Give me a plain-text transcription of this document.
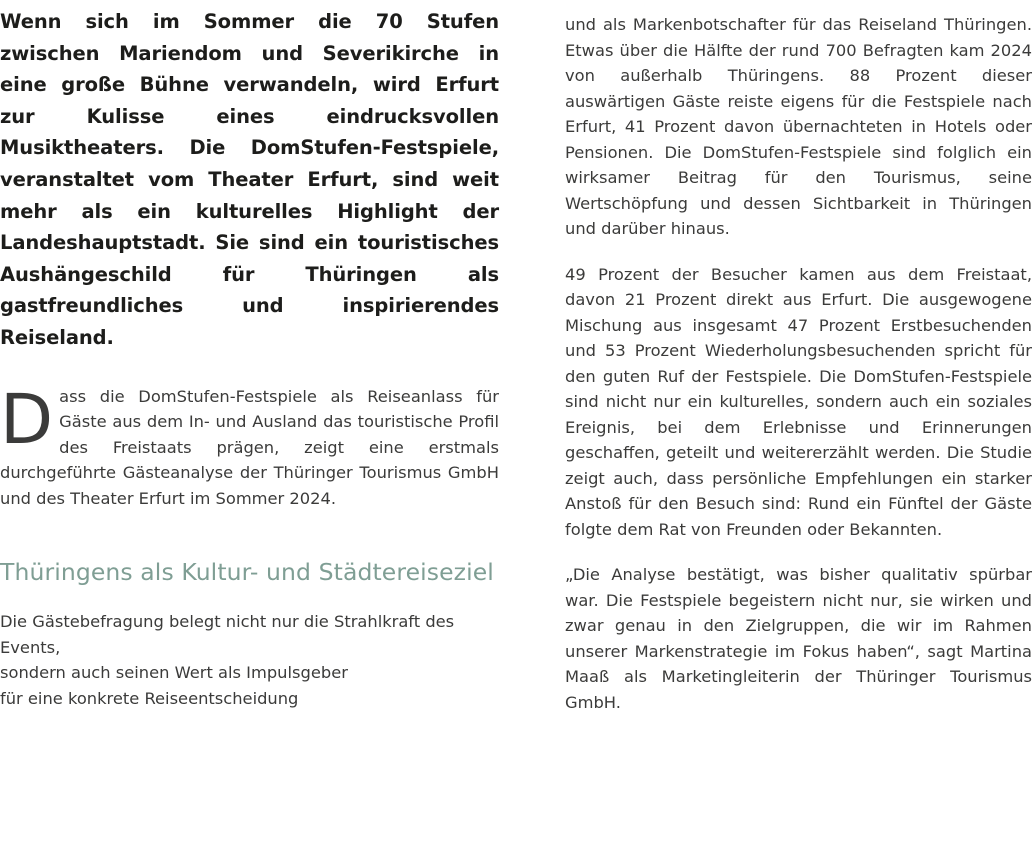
Wenn sich im Sommer die 70 Stufen zwischen Mariendom und Severikirche in eine große Bühne verwandeln, wird Erfurt zur Kulisse eines eindrucksvollen Musiktheaters. Die DomStufen-Festspiele, veranstaltet vom Theater Erfurt, sind weit mehr als ein kulturelles Highlight der Landeshauptstadt. Sie sind ein touristisches Aushängeschild für Thüringen als gastfreundliches und inspirierendes Reiseland.

Dass die DomStufen-Festspiele als Reiseanlass für Gäste aus dem In- und Ausland das touristische Profil des Freistaats prägen, zeigt eine erstmals durchgeführte Gästeanalyse der Thüringer Tourismus GmbH und des Theater Erfurt im Sommer 2024.

Thüringens als Kultur- und Städtereiseziel
Die Gästebefragung belegt nicht nur die Strahlkraft des Events,
sondern auch seinen Wert als Impulsgeber
für eine konkrete Reiseentscheidung

und als Markenbotschafter für das Reiseland Thüringen. Etwas über die Hälfte der rund 700 Befragten kam 2024 von außerhalb Thüringens. 88 Prozent dieser auswärtigen Gäste reiste eigens für die Festspiele nach Erfurt, 41 Prozent davon übernachteten in Hotels oder Pensionen. Die DomStufen-Festspiele sind folglich ein wirksamer Beitrag für den Tourismus, seine Wertschöpfung und dessen Sichtbarkeit in Thüringen und darüber hinaus.

49 Prozent der Besucher kamen aus dem Freistaat, davon 21 Prozent direkt aus Erfurt. Die ausgewogene Mischung aus insgesamt 47 Prozent Erstbesuchenden und 53 Prozent Wiederholungsbesuchenden spricht für den guten Ruf der Festspiele. Die DomStufen-Festspiele sind nicht nur ein kulturelles, sondern auch ein soziales Ereignis, bei dem Erlebnisse und Erinnerungen geschaffen, geteilt und weitererzählt werden. Die Studie zeigt auch, dass persönliche Empfehlungen ein starker Anstoß für den Besuch sind: Rund ein Fünftel der Gäste folgte dem Rat von Freunden oder Bekannten.

„Die Analyse bestätigt, was bisher qualitativ spürbar war. Die Festspiele begeistern nicht nur, sie wirken und zwar genau in den Zielgruppen, die wir im Rahmen unserer Markenstrategie im Fokus haben“, sagt Martina Maaß als Marketingleiterin der Thüringer Tourismus GmbH.
